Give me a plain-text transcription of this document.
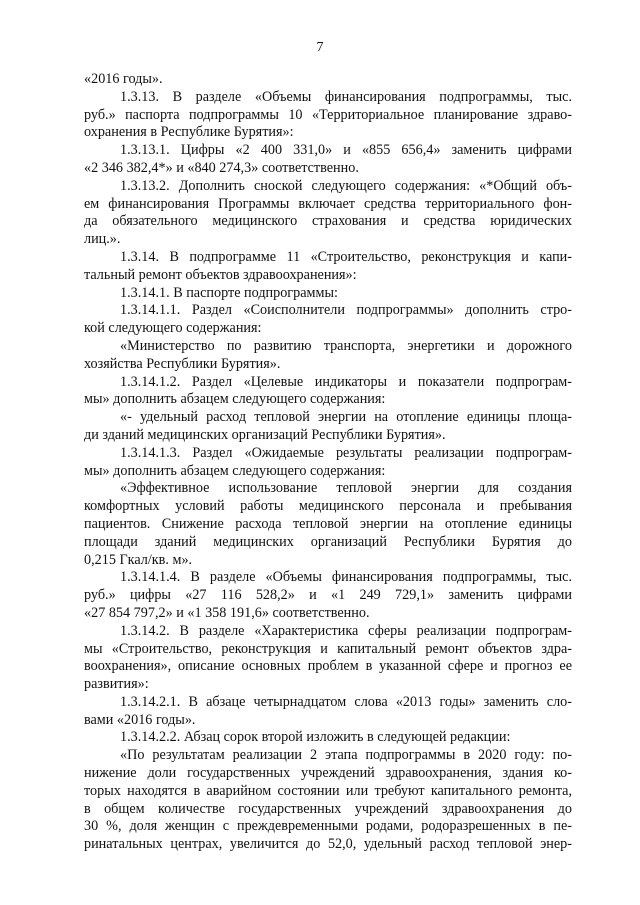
7
«2016 годы».
1.3.13. В разделе «Объемы финансирования подпрограммы, тыс.
руб.» паспорта подпрограммы 10 «Территориальное планирование здраво-
охранения в Республике Бурятия»:
1.3.13.1. Цифры «2 400 331,0» и «855 656,4» заменить цифрами
«2 346 382,4*» и «840 274,3» соответственно.
1.3.13.2. Дополнить сноской следующего содержания: «*Общий объ-
ем финансирования Программы включает средства территориального фон-
да обязательного медицинского страхования и средства юридических
лиц.».
1.3.14. В подпрограмме 11 «Строительство, реконструкция и капи-
тальный ремонт объектов здравоохранения»:
1.3.14.1. В паспорте подпрограммы:
1.3.14.1.1. Раздел «Соисполнители подпрограммы» дополнить стро-
кой следующего содержания:
«Министерство по развитию транспорта, энергетики и дорожного
хозяйства Республики Бурятия».
1.3.14.1.2. Раздел «Целевые индикаторы и показатели подпрограм-
мы» дополнить абзацем следующего содержания:
«- удельный расход тепловой энергии на отопление единицы площа-
ди зданий медицинских организаций Республики Бурятия».
1.3.14.1.3. Раздел «Ожидаемые результаты реализации подпрограм-
мы» дополнить абзацем следующего содержания:
«Эффективное использование тепловой энергии для создания
комфортных условий работы медицинского персонала и пребывания
пациентов. Снижение расхода тепловой энергии на отопление единицы
площади зданий медицинских организаций Республики Бурятия до
0,215 Гкал/кв. м».
1.3.14.1.4. В разделе «Объемы финансирования подпрограммы, тыс.
руб.» цифры «27 116 528,2» и «1 249 729,1» заменить цифрами
«27 854 797,2» и «1 358 191,6» соответственно.
1.3.14.2. В разделе «Характеристика сферы реализации подпрограм-
мы «Строительство, реконструкция и капитальный ремонт объектов здра-
воохранения», описание основных проблем в указанной сфере и прогноз ее
развития»:
1.3.14.2.1. В абзаце четырнадцатом слова «2013 годы» заменить сло-
вами «2016 годы».
1.3.14.2.2. Абзац сорок второй изложить в следующей редакции:
«По результатам реализации 2 этапа подпрограммы в 2020 году: по-
нижение доли государственных учреждений здравоохранения, здания ко-
торых находятся в аварийном состоянии или требуют капитального ремонта,
в общем количестве государственных учреждений здравоохранения до
30 %, доля женщин с преждевременными родами, родоразрешенных в пе-
ринатальных центрах, увеличится до 52,0, удельный расход тепловой энер-
